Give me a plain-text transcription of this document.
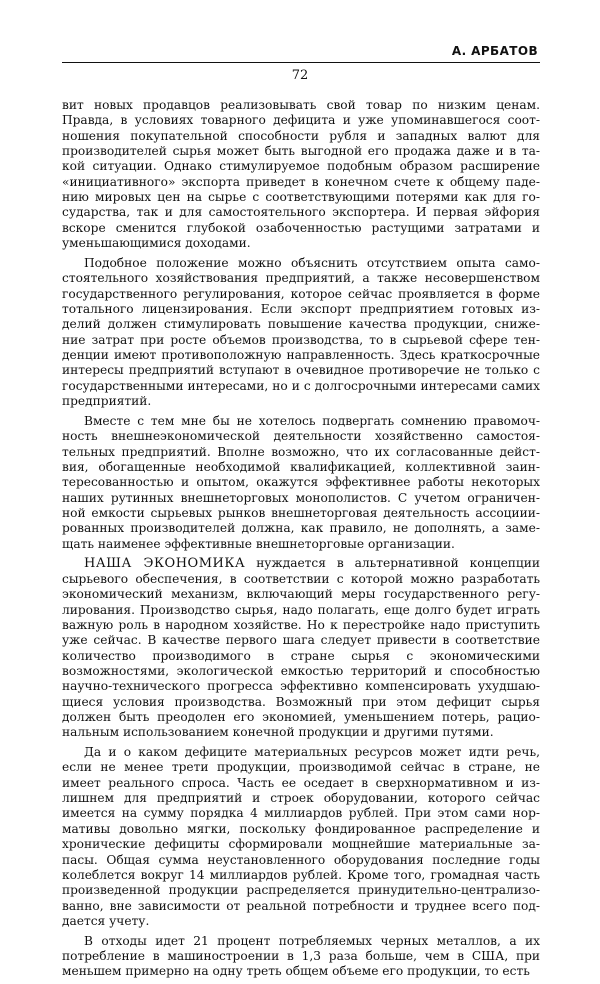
А. АРБАТОВ
72

вит новых продавцов реализовывать свой товар по низким ценам. Правда, в условиях товарного дефицита и уже упоминавшегося соотношения покупательной способности рубля и западных валют для производителей сырья может быть выгодной его продажа даже и в такой ситуации. Однако стимулируемое подобным образом расширение «инициативного» экспорта приведет в конечном счете к общему падению мировых цен на сырье с соответствующими потерями как для государства, так и для самостоятельного экспортера. И первая эйфория вскоре сменится глубокой озабоченностью растущими затратами и уменьшающимися доходами.

Подобное положение можно объяснить отсутствием опыта самостоятельного хозяйствования предприятий, а также несовершенством государственного регулирования, которое сейчас проявляется в форме тотального лицензирования. Если экспорт предприятием готовых изделий должен стимулировать повышение качества продукции, снижение затрат при росте объемов производства, то в сырьевой сфере тенденции имеют противоположную направленность. Здесь краткосрочные интересы предприятий вступают в очевидное противоречие не только с государственными интересами, но и с долгосрочными интересами самих предприятий.

Вместе с тем мне бы не хотелось подвергать сомнению правомочность внешнеэкономической деятельности хозяйственно самостоятельных предприятий. Вполне возможно, что их согласованные действия, обогащенные необходимой квалификацией, коллективной заинтересованностью и опытом, окажутся эффективнее работы некоторых наших рутинных внешнеторговых монополистов. С учетом ограниченной емкости сырьевых рынков внешнеторговая деятельность ассоцииированных производителей должна, как правило, не дополнять, а замещать наименее эффективные внешнеторговые организации.

НАША ЭКОНОМИКА нуждается в альтернативной концепции сырьевого обеспечения, в соответствии с которой можно разработать экономический механизм, включающий меры государственного регулирования. Производство сырья, надо полагать, еще долго будет играть важную роль в народном хозяйстве. Но к перестройке надо приступить уже сейчас. В качестве первого шага следует привести в соответствие количество производимого в стране сырья с экономическими возможностями, экологической емкостью территорий и способностью научно-технического прогресса эффективно компенсировать ухудшающиеся условия производства. Возможный при этом дефицит сырья должен быть преодолен его экономией, уменьшением потерь, рациональным использованием конечной продукции и другими путями.

Да и о каком дефиците материальных ресурсов может идти речь, если не менее трети продукции, производимой сейчас в стране, не имеет реального спроса. Часть ее оседает в сверхнормативном и излишнем для предприятий и строек оборудовании, которого сейчас имеется на сумму порядка 4 миллиардов рублей. При этом сами нормативы довольно мягки, поскольку фондированное распределение и хронические дефициты сформировали мощнейшие материальные запасы. Общая сумма неустановленного оборудования последние годы колеблется вокруг 14 миллиардов рублей. Кроме того, громадная часть произведенной продукции распределяется принудительно-централизованно, вне зависимости от реальной потребности и труднее всего поддается учету.

В отходы идет 21 процент потребляемых черных металлов, а их потребление в машиностроении в 1,3 раза больше, чем в США, при меньшем примерно на одну треть общем объеме его продукции, то есть
